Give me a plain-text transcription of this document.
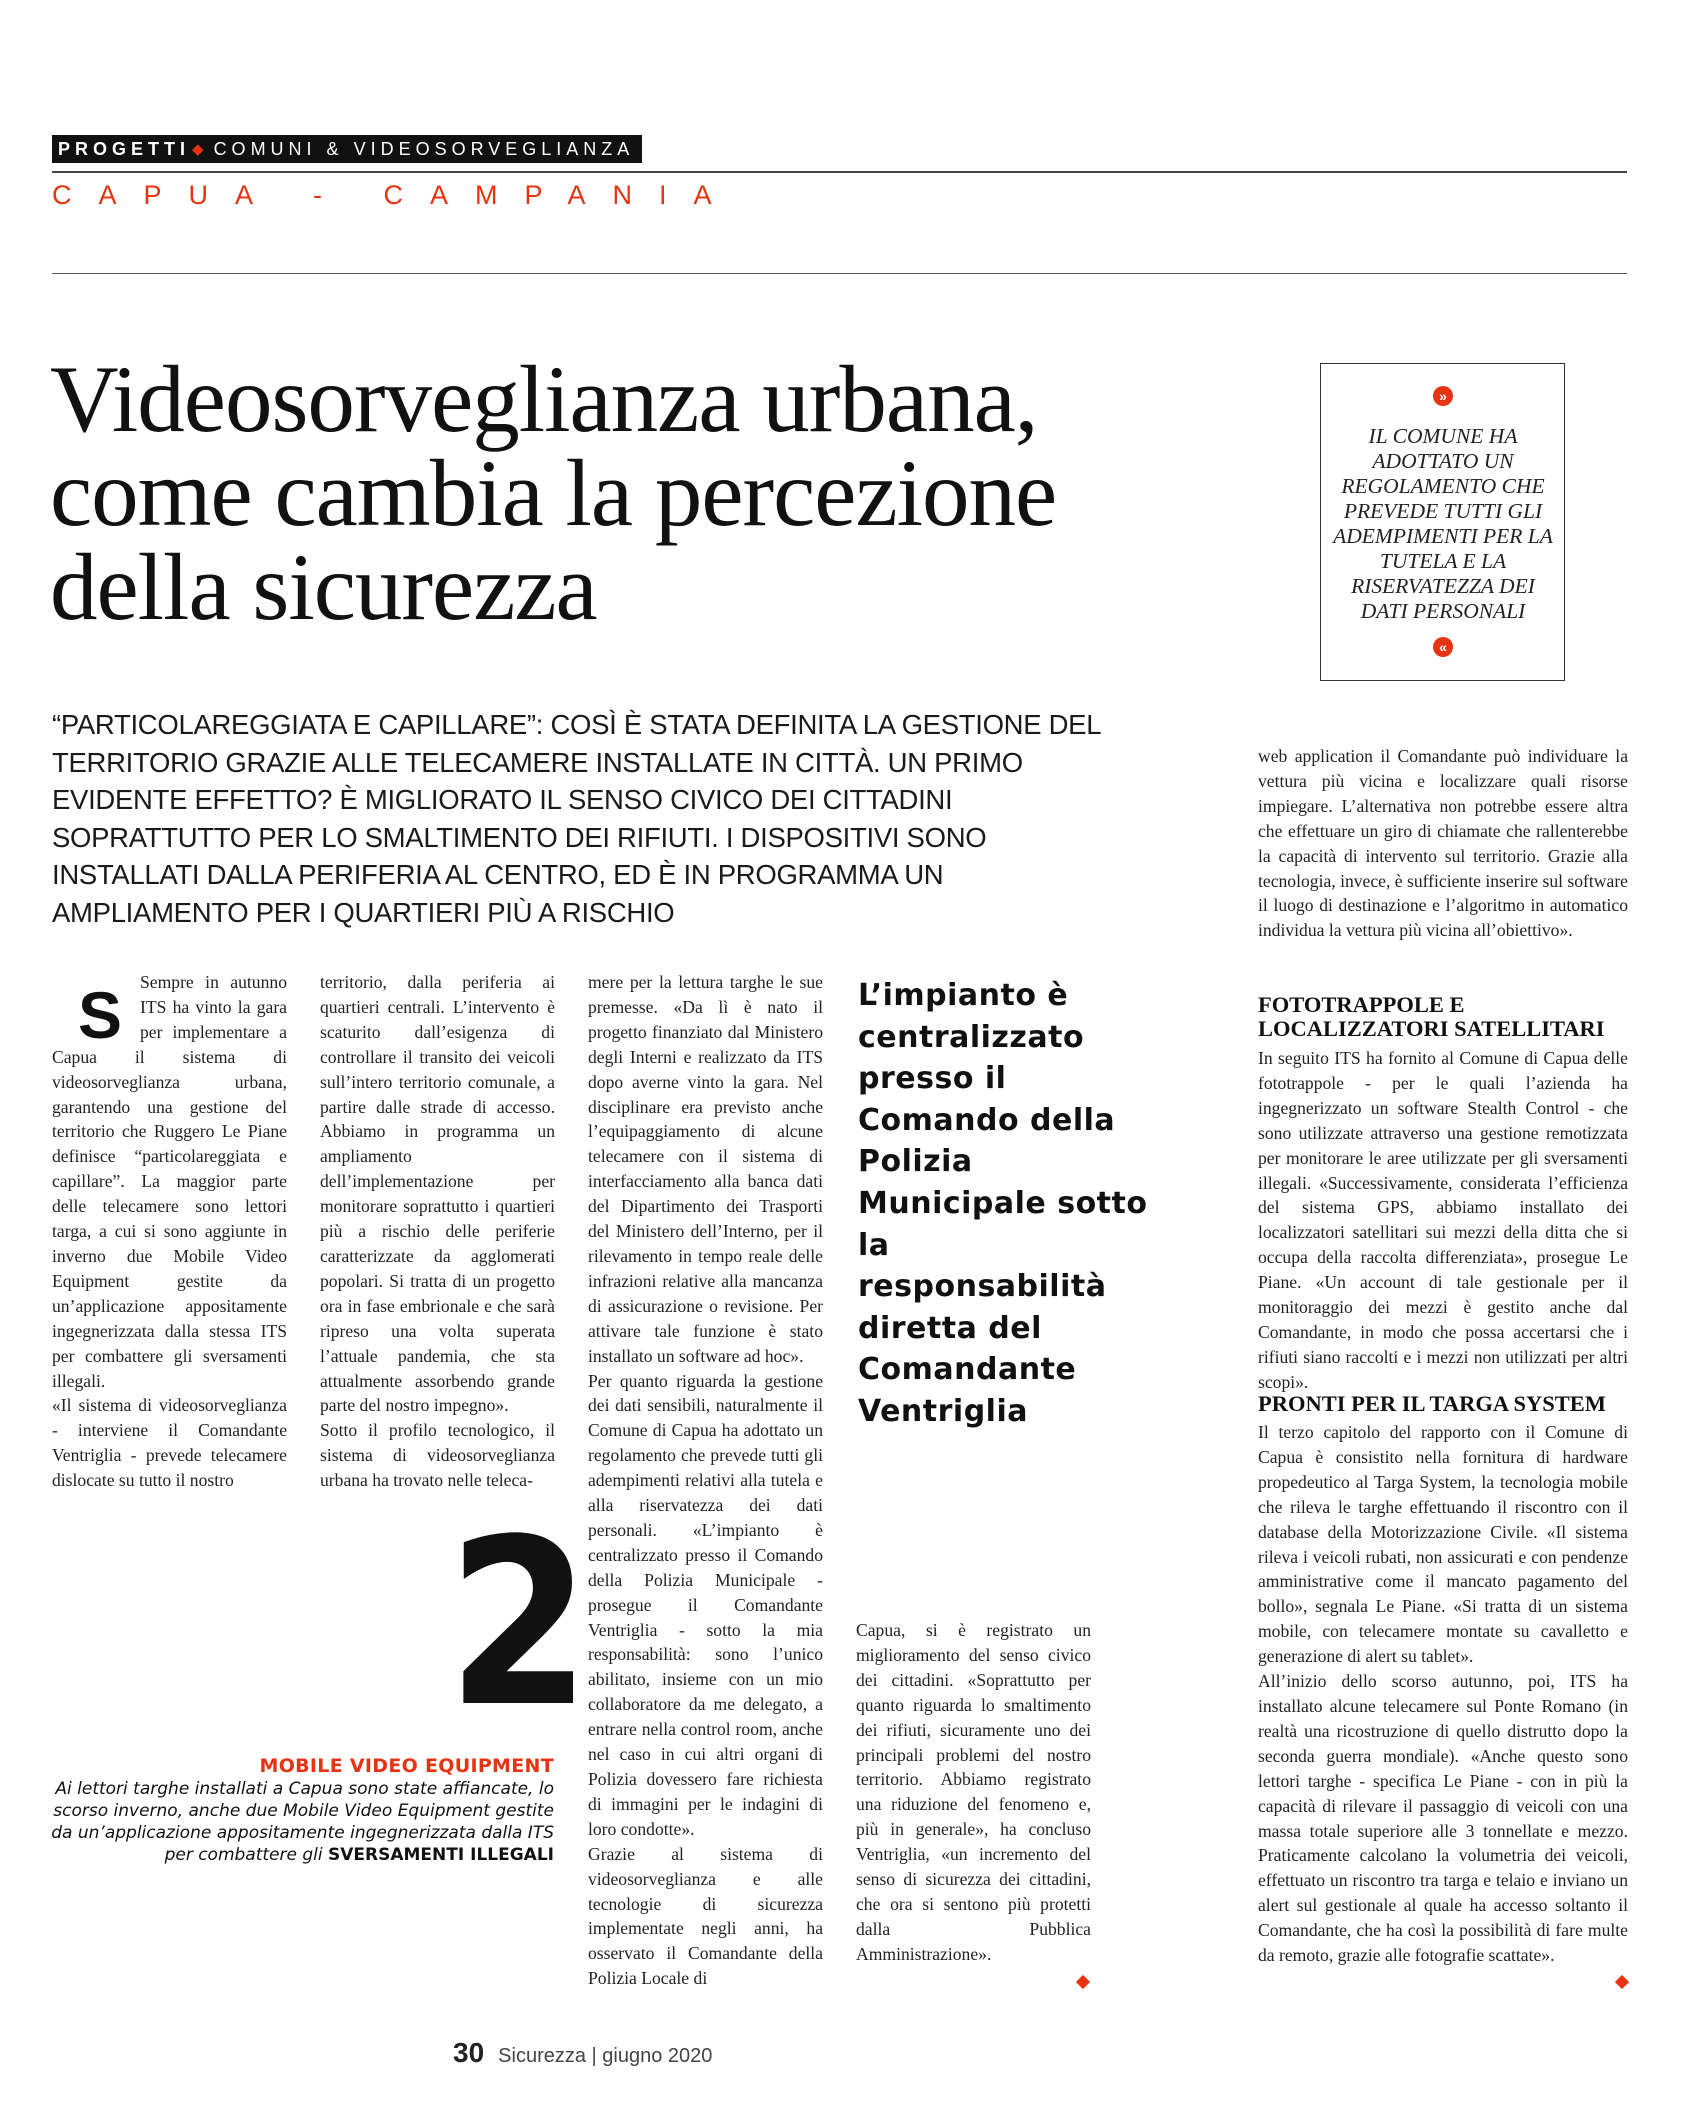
PROGETTI ◆ COMUNI & VIDEOSORVEGLIANZA
CAPUA - CAMPANIA
Videosorveglianza urbana, come cambia la percezione della sicurezza
»
IL COMUNE HA ADOTTATO UN REGOLAMENTO CHE PREVEDE TUTTI GLI ADEMPIMENTI PER LA TUTELA E LA RISERVATEZZA DEI DATI PERSONALI
«
“PARTICOLAREGGIATA E CAPILLARE”: COSÌ È STATA DEFINITA LA GESTIONE DEL TERRITORIO GRAZIE ALLE TELECAMERE INSTALLATE IN CITTÀ. UN PRIMO EVIDENTE EFFETTO? È MIGLIORATO IL SENSO CIVICO DEI CITTADINI SOPRATTUTTO PER LO SMALTIMENTO DEI RIFIUTI. I DISPOSITIVI SONO INSTALLATI DALLA PERIFERIA AL CENTRO, ED È IN PROGRAMMA UN AMPLIAMENTO PER I QUARTIERI PIÙ A RISCHIO
S	Sempre in autunno ITS ha vinto la gara per implementare a Capua il sistema di videosorveglianza urbana, garantendo una gestione del territorio che Ruggero Le Piane definisce “particolareggiata e capillare”. La maggior parte delle telecamere sono lettori targa, a cui si sono aggiunte in inverno due Mobile Video Equipment gestite da un’applicazione appositamente ingegnerizzata dalla stessa ITS per combattere gli sversamenti illegali.

«Il sistema di videosorveglianza - interviene il Comandante Ventriglia - prevede telecamere dislocate su tutto il nostro

territorio, dalla periferia ai quartieri centrali. L’intervento è scaturito dall’esigenza di controllare il transito dei veicoli sull’intero territorio comunale, a partire dalle strade di accesso. Abbiamo in programma un ampliamento dell’implementazione per monitorare soprattutto i quartieri più a rischio delle periferie caratterizzate da agglomerati popolari. Si tratta di un progetto ora in fase embrionale e che sarà ripreso una volta superata l’attuale pandemia, che sta attualmente assorbendo grande parte del nostro impegno».

Sotto il profilo tecnologico, il sistema di videosorveglianza urbana ha trovato nelle teleca-

mere per la lettura targhe le sue premesse. «Da lì è nato il progetto finanziato dal Ministero degli Interni e realizzato da ITS dopo averne vinto la gara. Nel disciplinare era previsto anche l’equipaggiamento di alcune telecamere con il sistema di interfacciamento alla banca dati del Dipartimento dei Trasporti del Ministero dell’Interno, per il rilevamento in tempo reale delle infrazioni relative alla mancanza di assicurazione o revisione. Per attivare tale funzione è stato installato un software ad hoc».

Per quanto riguarda la gestione dei dati sensibili, naturalmente il Comune di Capua ha adottato un regolamento che prevede tutti gli adempimenti relativi alla tutela e alla riservatezza dei dati personali. «L’impianto è centralizzato presso il Comando della Polizia Municipale - prosegue il Comandante Ventriglia - sotto la mia responsabilità: sono l’unico abilitato, insieme con un mio collaboratore da me delegato, a entrare nella control room, anche nel caso in cui altri organi di Polizia dovessero fare richiesta di immagini per le indagini di loro condotte».

Grazie al sistema di videosorveglianza e alle tecnologie di sicurezza implementate negli anni, ha osservato il Comandante della Polizia Locale di

L’impianto è centralizzato presso il Comando della Polizia Municipale sotto la responsabilità diretta del Comandante Ventriglia

Capua, si è registrato un miglioramento del senso civico dei cittadini. «Soprattutto per quanto riguarda lo smaltimento dei rifiuti, sicuramente uno dei principali problemi del nostro territorio. Abbiamo registrato una riduzione del fenomeno e, più in generale», ha concluso Ventriglia, «un incremento del senso di sicurezza dei cittadini, che ora si sentono più protetti dalla Pubblica Amministrazione».

web application il Comandante può individuare la vettura più vicina e localizzare quali risorse impiegare. L’alternativa non potrebbe essere altra che effettuare un giro di chiamate che rallenterebbe la capacità di intervento sul territorio. Grazie alla tecnologia, invece, è sufficiente inserire sul software il luogo di destinazione e l’algoritmo in automatico individua la vettura più vicina all’obiettivo».

FOTOTRAPPOLE E LOCALIZZATORI SATELLITARI

In seguito ITS ha fornito al Comune di Capua delle fototrappole - per le quali l’azienda ha ingegnerizzato un software Stealth Control - che sono utilizzate attraverso una gestione remotizzata per monitorare le aree utilizzate per gli sversamenti illegali. «Successivamente, considerata l’efficienza del sistema GPS, abbiamo installato dei localizzatori satellitari sui mezzi della ditta che si occupa della raccolta differenziata», prosegue Le Piane. «Un account di tale gestionale per il monitoraggio dei mezzi è gestito anche dal Comandante, in modo che possa accertarsi che i rifiuti siano raccolti e i mezzi non utilizzati per altri scopi».

PRONTI PER IL TARGA SYSTEM

Il terzo capitolo del rapporto con il Comune di Capua è consistito nella fornitura di hardware propedeutico al Targa System, la tecnologia mobile che rileva le targhe effettuando il riscontro con il database della Motorizzazione Civile. «Il sistema rileva i veicoli rubati, non assicurati e con pendenze amministrative come il mancato pagamento del bollo», segnala Le Piane. «Si tratta di un sistema mobile, con telecamere montate su cavalletto e generazione di alert su tablet».

All’inizio dello scorso autunno, poi, ITS ha installato alcune telecamere sul Ponte Romano (in realtà una ricostruzione di quello distrutto dopo la seconda guerra mondiale). «Anche questo sono lettori targhe - specifica Le Piane - con in più la capacità di rilevare il passaggio di veicoli con una massa totale superiore alle 3 tonnellate e mezzo. Praticamente calcolano la volumetria dei veicoli, effettuato un riscontro tra targa e telaio e inviano un alert sul gestionale al quale ha accesso soltanto il Comandante, che ha così la possibilità di fare multe da remoto, grazie alle fotografie scattate».

2
MOBILE VIDEO EQUIPMENT
Ai lettori targhe installati a Capua sono state affiancate, lo scorso inverno, anche due Mobile Video Equipment gestite da un’applicazione appositamente ingegnerizzata dalla ITS per combattere gli SVERSAMENTI ILLEGALI
30 Sicurezza | giugno 2020
